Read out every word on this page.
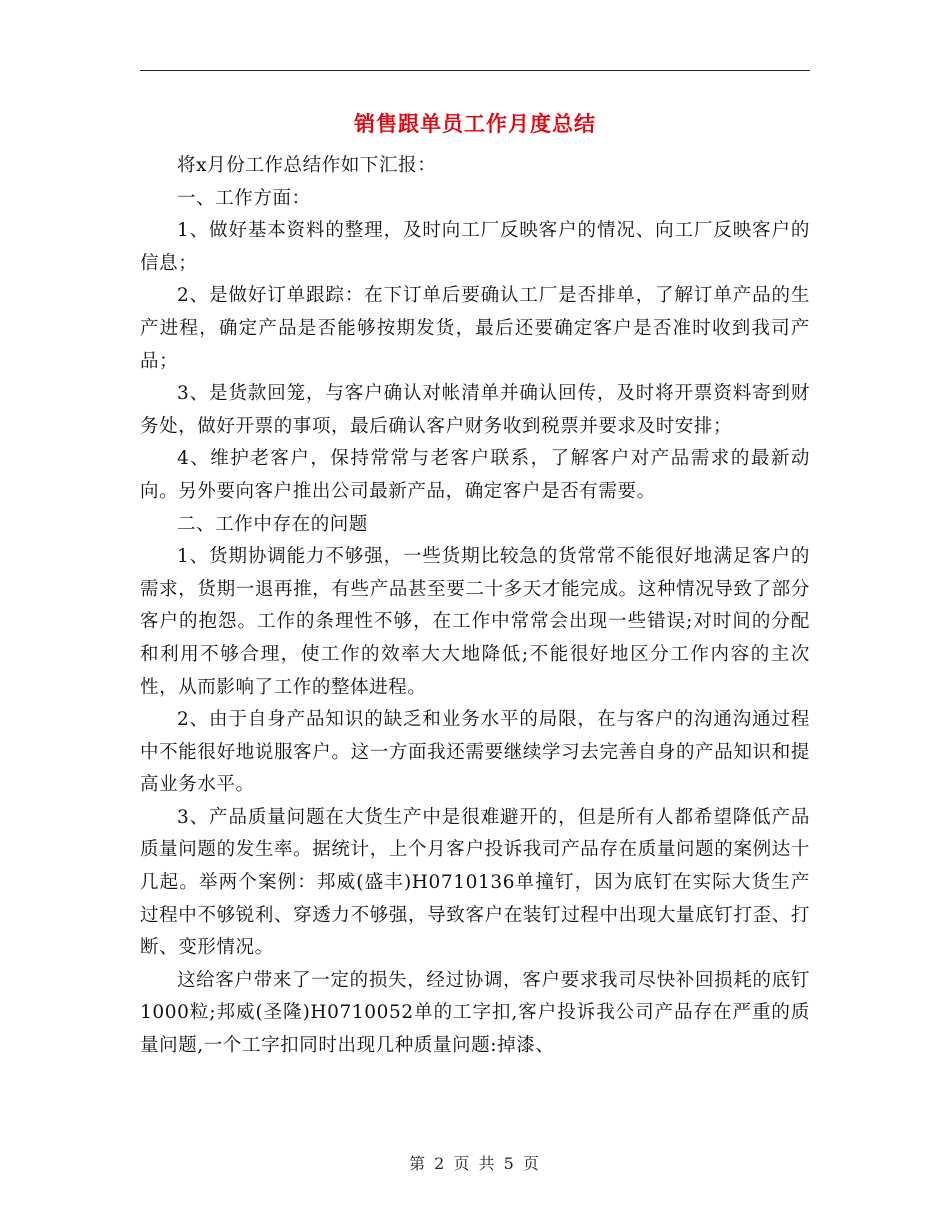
销售跟单员工作月度总结

将x月份工作总结作如下汇报：

一、工作方面：

1、做好基本资料的整理，及时向工厂反映客户的情况、向工厂反映客户的信息；

2、是做好订单跟踪：在下订单后要确认工厂是否排单，了解订单产品的生产进程，确定产品是否能够按期发货，最后还要确定客户是否准时收到我司产品；

3、是货款回笼，与客户确认对帐清单并确认回传，及时将开票资料寄到财务处，做好开票的事项，最后确认客户财务收到税票并要求及时安排；

4、维护老客户，保持常常与老客户联系，了解客户对产品需求的最新动向。另外要向客户推出公司最新产品，确定客户是否有需要。

二、工作中存在的问题

1、货期协调能力不够强，一些货期比较急的货常常不能很好地满足客户的需求，货期一退再推，有些产品甚至要二十多天才能完成。这种情况导致了部分客户的抱怨。工作的条理性不够，在工作中常常会出现一些错误;对时间的分配和利用不够合理，使工作的效率大大地降低;不能很好地区分工作内容的主次性，从而影响了工作的整体进程。

2、由于自身产品知识的缺乏和业务水平的局限，在与客户的沟通沟通过程中不能很好地说服客户。这一方面我还需要继续学习去完善自身的产品知识和提高业务水平。

3、产品质量问题在大货生产中是很难避开的，但是所有人都希望降低产品质量问题的发生率。据统计，上个月客户投诉我司产品存在质量问题的案例达十几起。举两个案例：邦威(盛丰)H0710136单撞钉，因为底钉在实际大货生产过程中不够锐利、穿透力不够强，导致客户在装钉过程中出现大量底钉打歪、打断、变形情况。

这给客户带来了一定的损失，经过协调，客户要求我司尽快补回损耗的底钉1000粒;邦威(圣隆)H0710052单的工字扣,客户投诉我公司产品存在严重的质量问题,一个工字扣同时出现几种质量问题:掉漆、

第 2 页 共 5 页
